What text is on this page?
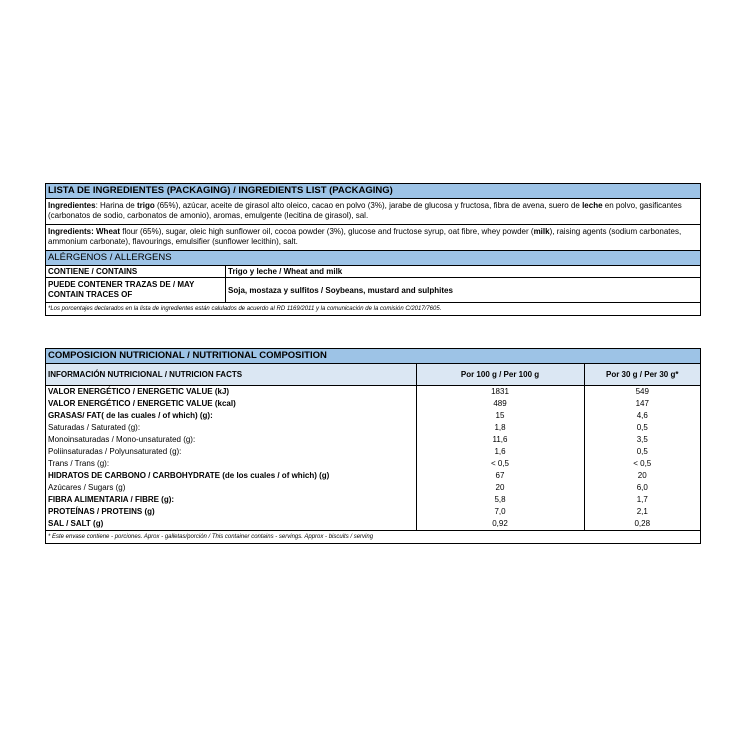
LISTA DE INGREDIENTES (PACKAGING) / INGREDIENTS LIST (PACKAGING)
Ingredientes: Harina de trigo (65%), azúcar, aceite de girasol alto oleico, cacao en polvo (3%), jarabe de glucosa y fructosa, fibra de avena, suero de leche en polvo, gasificantes (carbonatos de sodio, carbonatos de amonio), aromas, emulgente (lecitina de girasol), sal.
Ingredients: Wheat flour (65%), sugar, oleic high sunflower oil, cocoa powder (3%), glucose and fructose syrup, oat fibre, whey powder (milk), raising agents (sodium carbonates, ammonium carbonate), flavourings, emulsifier (sunflower lecithin), salt.
ALÉRGENOS / ALLERGENS
CONTIENE / CONTAINS	Trigo y leche / Wheat and milk
PUEDE CONTENER TRAZAS DE / MAY CONTAIN TRACES OF	Soja, mostaza y sulfitos / Soybeans, mustard and sulphites
*Los porcentajes declarados en la lista de ingredientes están calulados de acuerdo al RD 1169/2011 y la comunicación de la comisión C/2017/7605.
COMPOSICION NUTRICIONAL / NUTRITIONAL COMPOSITION
INFORMACIÓN NUTRICIONAL / NUTRICION FACTS	Por 100 g / Per 100 g	Por 30 g / Per 30 g*
VALOR ENERGÉTICO / ENERGETIC VALUE (kJ)	1831	549
VALOR ENERGÉTICO / ENERGETIC VALUE (kcal)	489	147
GRASAS/ FAT( de las cuales / of which) (g):	15	4,6
Saturadas / Saturated (g):	1,8	0,5
Monoinsaturadas / Mono-unsaturated (g):	11,6	3,5
Poliinsaturadas / Polyunsaturated (g):	1,6	0,5
Trans / Trans (g):	< 0,5	< 0,5
HIDRATOS DE CARBONO / CARBOHYDRATE (de los cuales / of which) (g)	67	20
Azúcares / Sugars (g)	20	6,0
FIBRA ALIMENTARIA / FIBRE (g):	5,8	1,7
PROTEÍNAS / PROTEINS (g)	7,0	2,1
SAL / SALT (g)	0,92	0,28
* Este envase contiene - porciones. Aprox - galletas/porción / This container contains - servings. Approx - biscuits / serving
